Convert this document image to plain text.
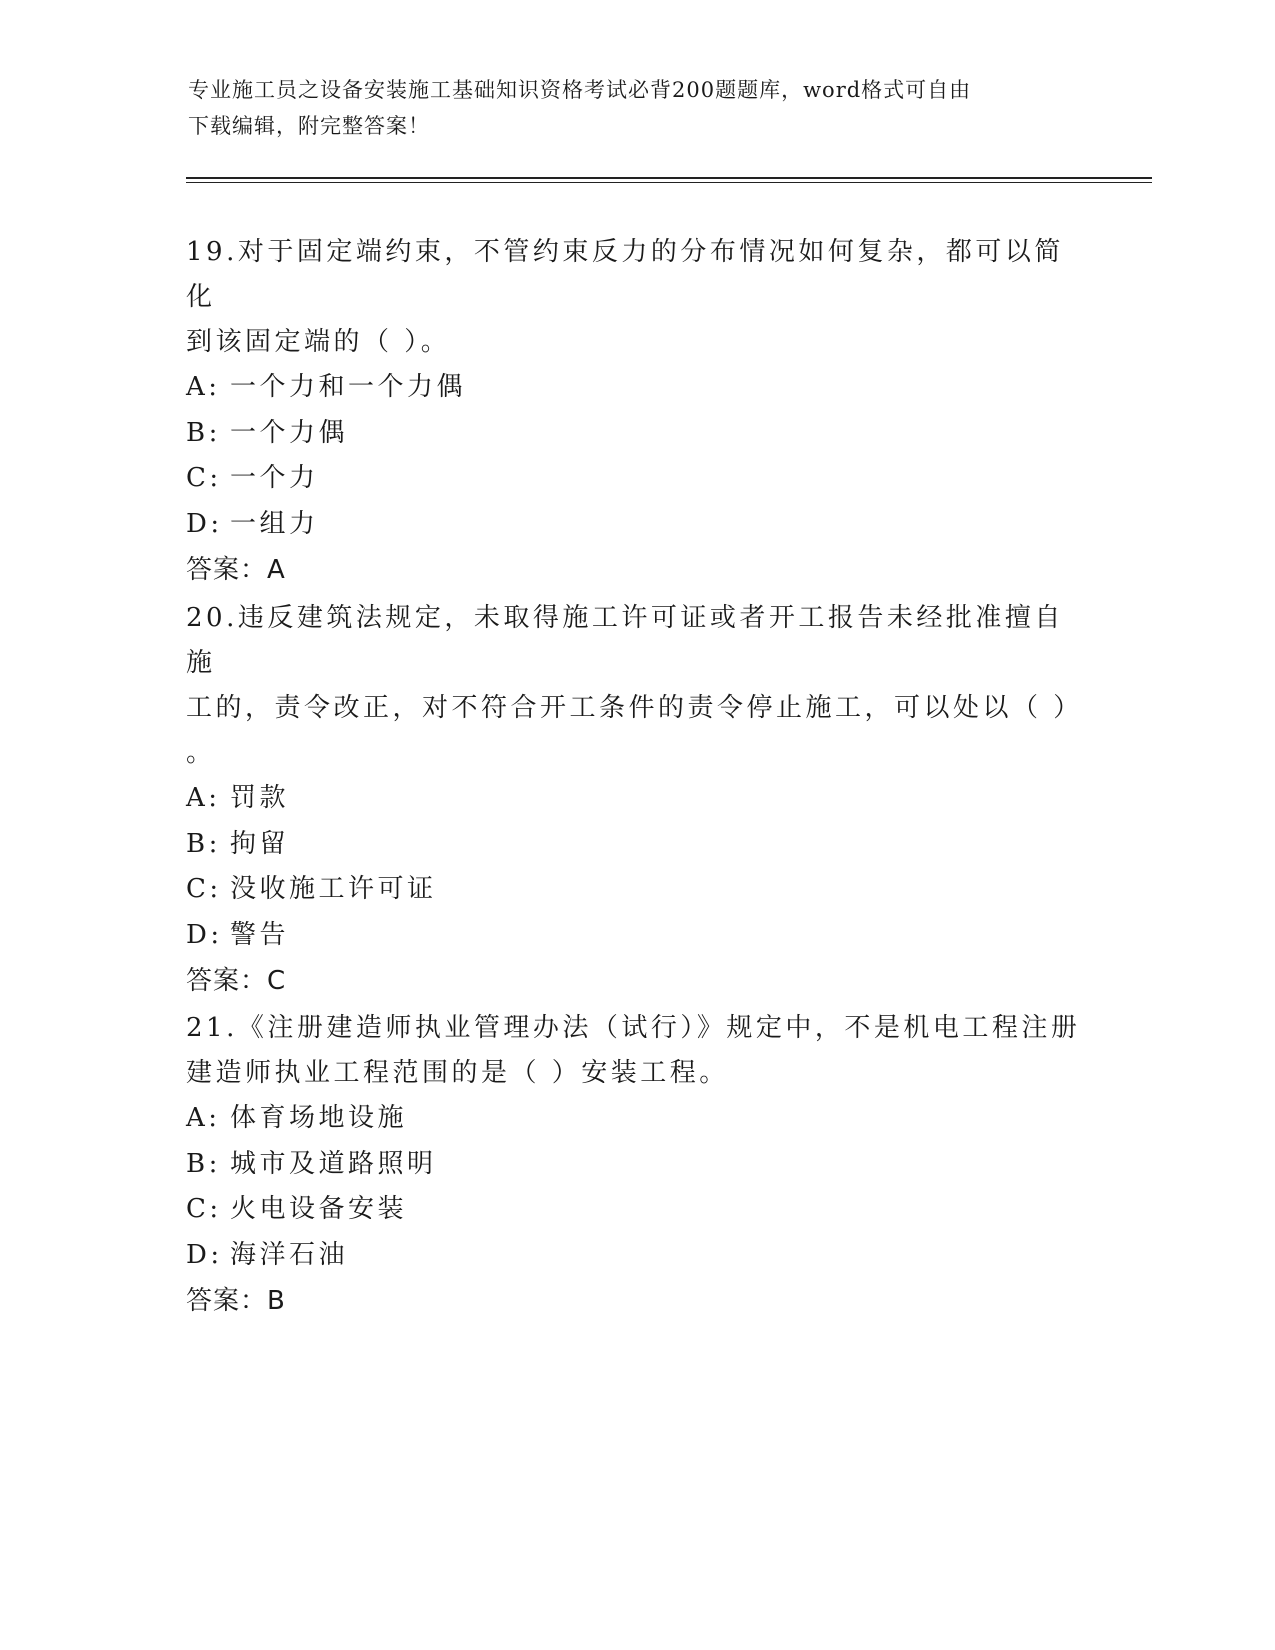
专业施工员之设备安装施工基础知识资格考试必背200题题库，word格式可自由
下载编辑，附完整答案！
19.对于固定端约束，不管约束反力的分布情况如何复杂，都可以简化
到该固定端的（ ）。
A: 一个力和一个力偶
B: 一个力偶
C: 一个力
D: 一组力
答案：A
20.违反建筑法规定，未取得施工许可证或者开工报告未经批准擅自施
工的，责令改正，对不符合开工条件的责令停止施工，可以处以（ ）
。
A: 罚款
B: 拘留
C: 没收施工许可证
D: 警告
答案：C
21.《注册建造师执业管理办法（试行）》规定中，不是机电工程注册
建造师执业工程范围的是（ ）安装工程。
A: 体育场地设施
B: 城市及道路照明
C: 火电设备安装
D: 海洋石油
答案：B
